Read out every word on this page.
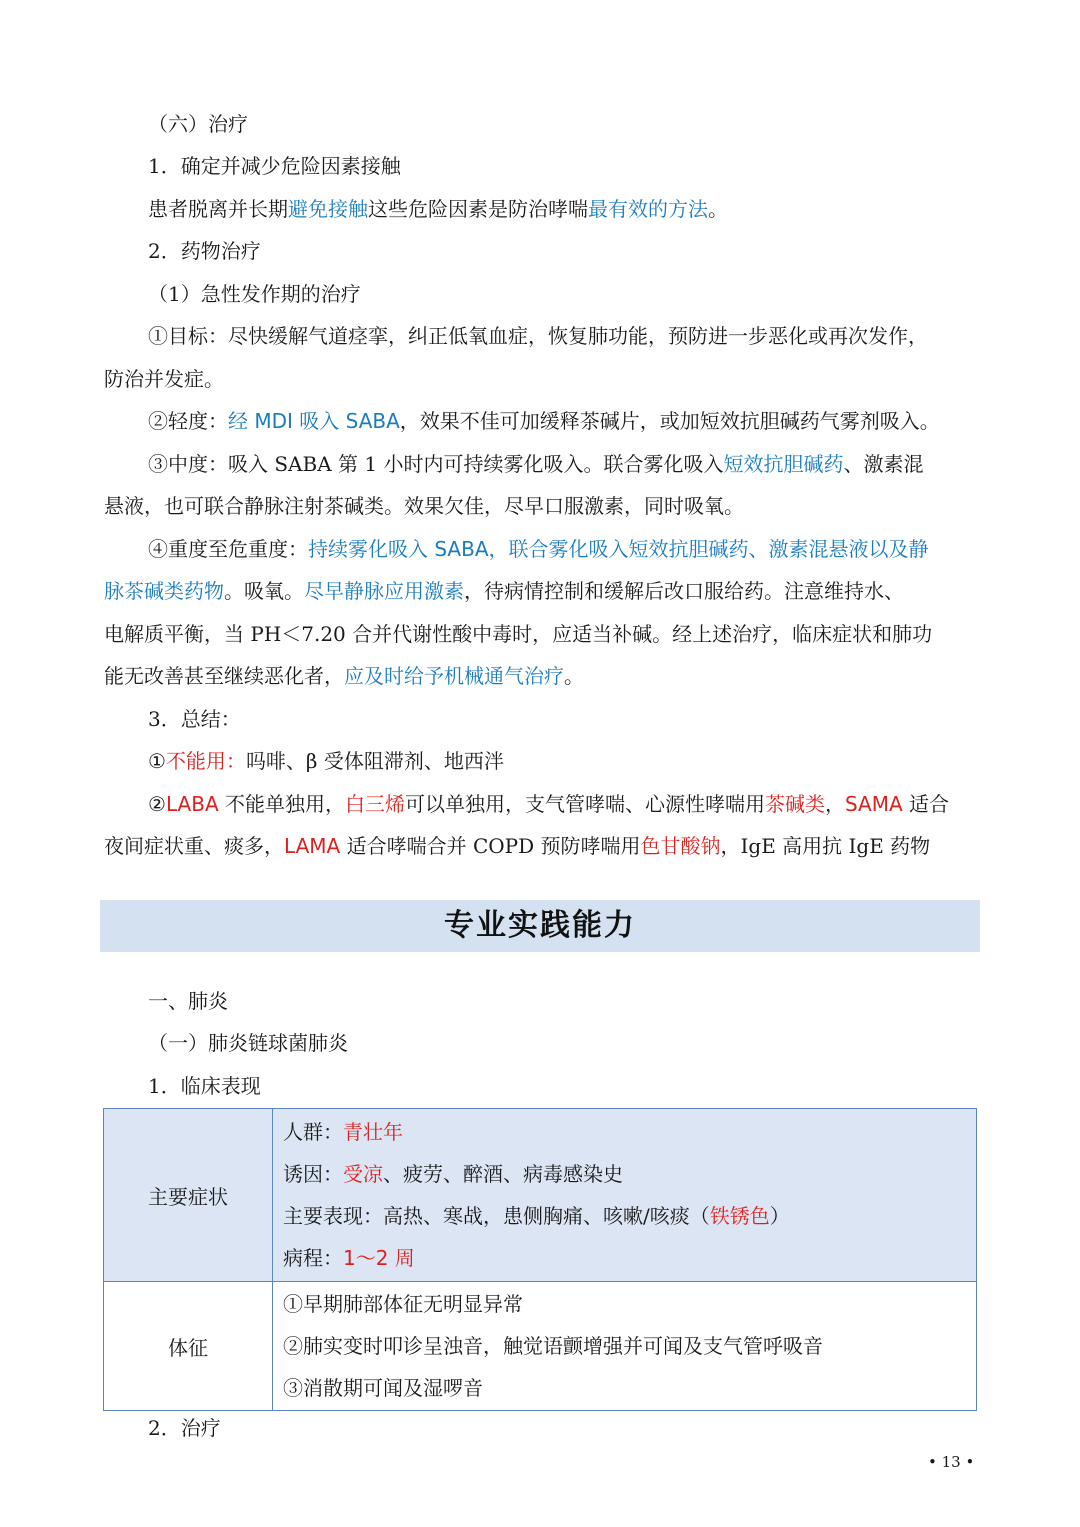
（六）治疗
1．确定并减少危险因素接触
患者脱离并长期避免接触这些危险因素是防治哮喘最有效的方法。
2．药物治疗
（1）急性发作期的治疗
①目标：尽快缓解气道痉挛，纠正低氧血症，恢复肺功能，预防进一步恶化或再次发作，
防治并发症。
②轻度：经 MDI 吸入 SABA，效果不佳可加缓释茶碱片，或加短效抗胆碱药气雾剂吸入。
③中度：吸入 SABA 第 1 小时内可持续雾化吸入。联合雾化吸入短效抗胆碱药、激素混
悬液，也可联合静脉注射茶碱类。效果欠佳，尽早口服激素，同时吸氧。
④重度至危重度：持续雾化吸入 SABA，联合雾化吸入短效抗胆碱药、激素混悬液以及静
脉茶碱类药物。吸氧。尽早静脉应用激素，待病情控制和缓解后改口服给药。注意维持水、
电解质平衡，当 PH＜7.20 合并代谢性酸中毒时，应适当补碱。经上述治疗，临床症状和肺功
能无改善甚至继续恶化者，应及时给予机械通气治疗。
3．总结：
①不能用：吗啡、β 受体阻滞剂、地西泮
②LABA 不能单独用，白三烯可以单独用，支气管哮喘、心源性哮喘用茶碱类，SAMA 适合
夜间症状重、痰多，LAMA 适合哮喘合并 COPD 预防哮喘用色甘酸钠，IgE 高用抗 IgE 药物
专业实践能力
一、肺炎
（一）肺炎链球菌肺炎
1．临床表现
主要症状	人群：青壮年
诱因：受凉、疲劳、醉酒、病毒感染史
主要表现：高热、寒战，患侧胸痛、咳嗽/咳痰（铁锈色）
病程：1～2 周

体征	①早期肺部体征无明显异常
②肺实变时叩诊呈浊音，触觉语颤增强并可闻及支气管呼吸音
③消散期可闻及湿啰音
2．治疗
• 13 •
